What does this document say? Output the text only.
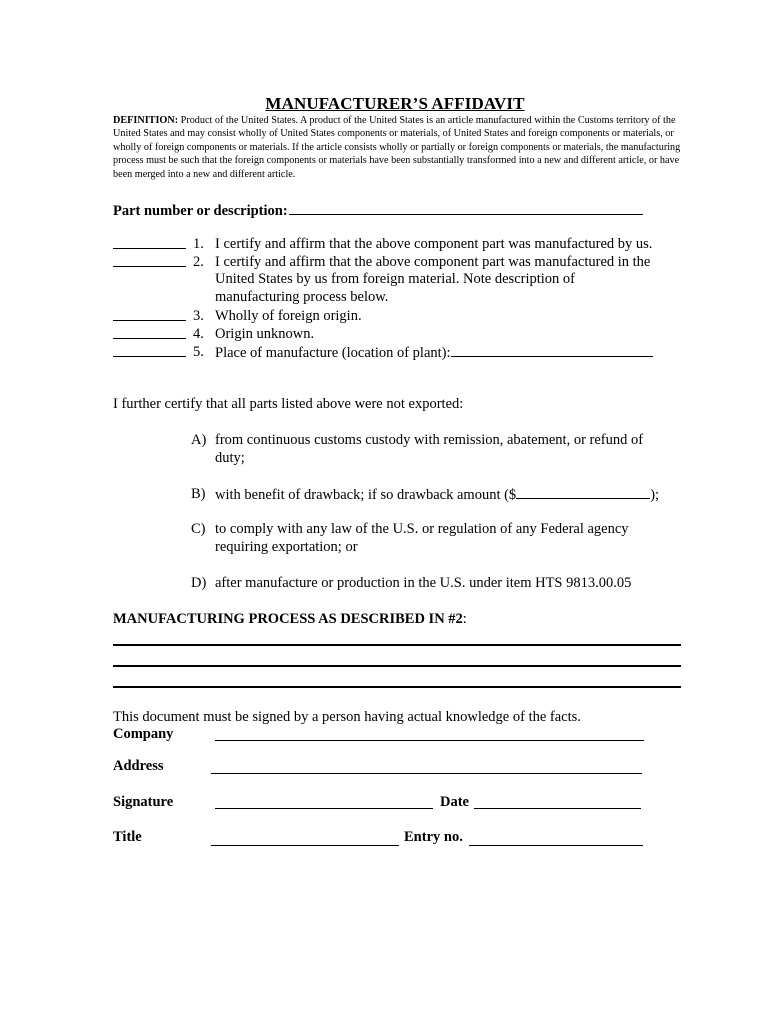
MANUFACTURER’S AFFIDAVIT
DEFINITION: Product of the United States. A product of the United States is an article manufactured within the Customs territory of the United States and may consist wholly of United States components or materials, of United States and foreign components or materials, or wholly of foreign components or materials. If the article consists wholly or partially or foreign components or materials, the manufacturing process must be such that the foreign components or materials have been substantially transformed into a new and different article, or have been merged into a new and different article.
Part number or description:
1. I certify and affirm that the above component part was manufactured by us.
2. I certify and affirm that the above component part was manufactured in the
United States by us from foreign material. Note description of
manufacturing process below.
3. Wholly of foreign origin.
4. Origin unknown.
5. Place of manufacture (location of plant):
I further certify that all parts listed above were not exported:
A) from continuous customs custody with remission, abatement, or refund of
duty;
B) with benefit of drawback; if so drawback amount ($	);
C) to comply with any law of the U.S. or regulation of any Federal agency
requiring exportation; or
D) after manufacture or production in the U.S. under item HTS 9813.00.05
MANUFACTURING PROCESS AS DESCRIBED IN #2:
This document must be signed by a person having actual knowledge of the facts.
Company
Address
Signature	Date
Title	Entry no.
